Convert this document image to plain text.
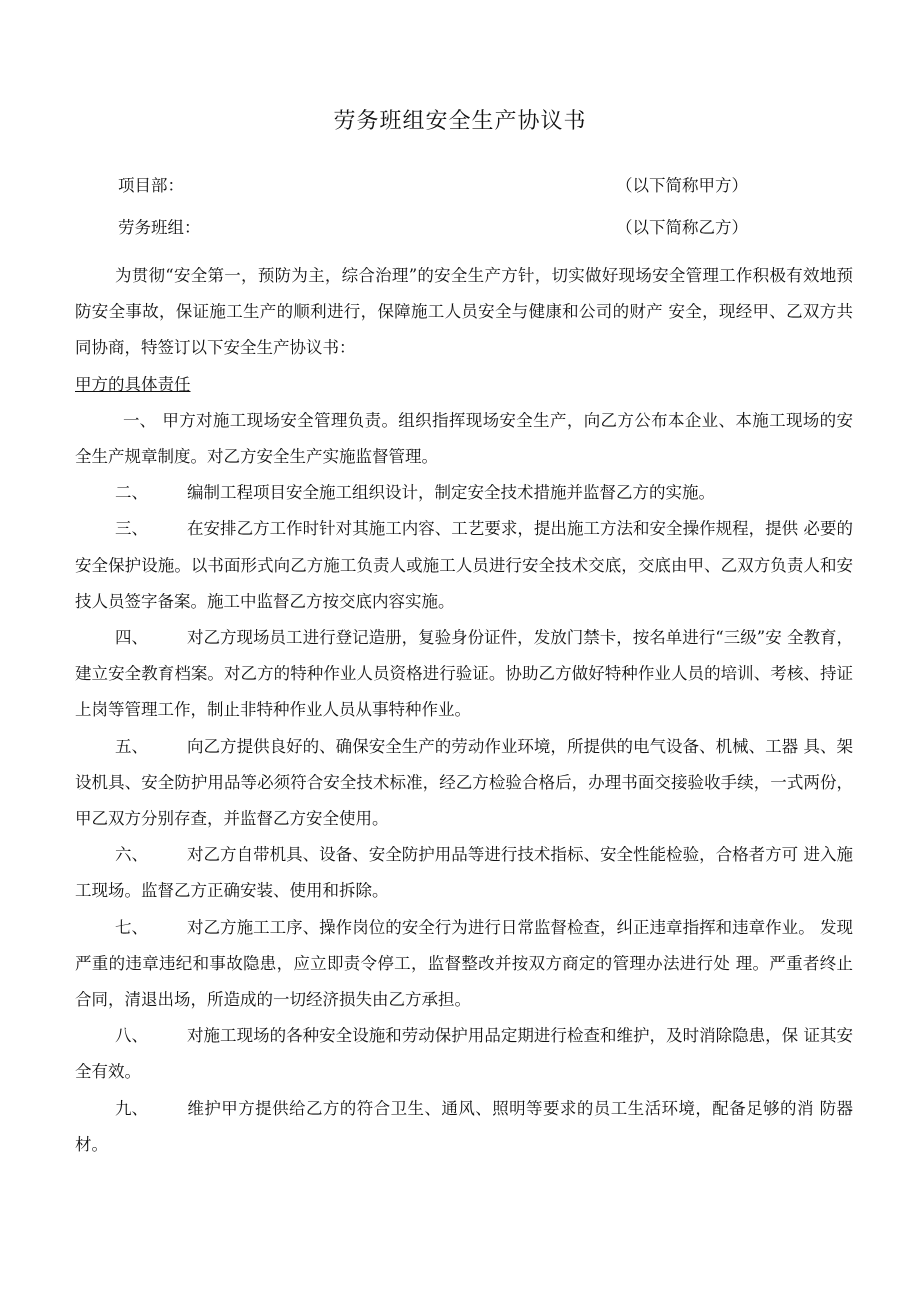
劳务班组安全生产协议书
项目部：	（以下简称甲方）
劳务班组：	（以下简称乙方）

为贯彻“安全第一，预防为主，综合治理”的安全生产方针，切实做好现场安全管理工作积极有效地预防安全事故，保证施工生产的顺利进行，保障施工人员安全与健康和公司的财产 安全，现经甲、乙双方共同协商，特签订以下安全生产协议书：

甲方的具体责任

一、 甲方对施工现场安全管理负责。组织指挥现场安全生产，向乙方公布本企业、本施工现场的安全生产规章制度。对乙方安全生产实施监督管理。

二、 编制工程项目安全施工组织设计，制定安全技术措施并监督乙方的实施。

三、 在安排乙方工作时针对其施工内容、工艺要求，提出施工方法和安全操作规程，提供 必要的安全保护设施。以书面形式向乙方施工负责人或施工人员进行安全技术交底，交底由甲、乙双方负责人和安技人员签字备案。施工中监督乙方按交底内容实施。

四、 对乙方现场员工进行登记造册，复验身份证件，发放门禁卡，按名单进行“三级”安 全教育，建立安全教育档案。对乙方的特种作业人员资格进行验证。协助乙方做好特种作业人员的培训、考核、持证上岗等管理工作，制止非特种作业人员从事特种作业。

五、 向乙方提供良好的、确保安全生产的劳动作业环境，所提供的电气设备、机械、工器 具、架设机具、安全防护用品等必须符合安全技术标准，经乙方检验合格后，办理书面交接验收手续，一式两份，甲乙双方分别存查，并监督乙方安全使用。

六、 对乙方自带机具、设备、安全防护用品等进行技术指标、安全性能检验，合格者方可 进入施工现场。监督乙方正确安装、使用和拆除。

七、 对乙方施工工序、操作岗位的安全行为进行日常监督检查，纠正违章指挥和违章作业。 发现严重的违章违纪和事故隐患，应立即责令停工，监督整改并按双方商定的管理办法进行处 理。严重者终止合同，清退出场，所造成的一切经济损失由乙方承担。

八、 对施工现场的各种安全设施和劳动保护用品定期进行检查和维护，及时消除隐患，保 证其安全有效。

九、 维护甲方提供给乙方的符合卫生、通风、照明等要求的员工生活环境，配备足够的消 防器材。
